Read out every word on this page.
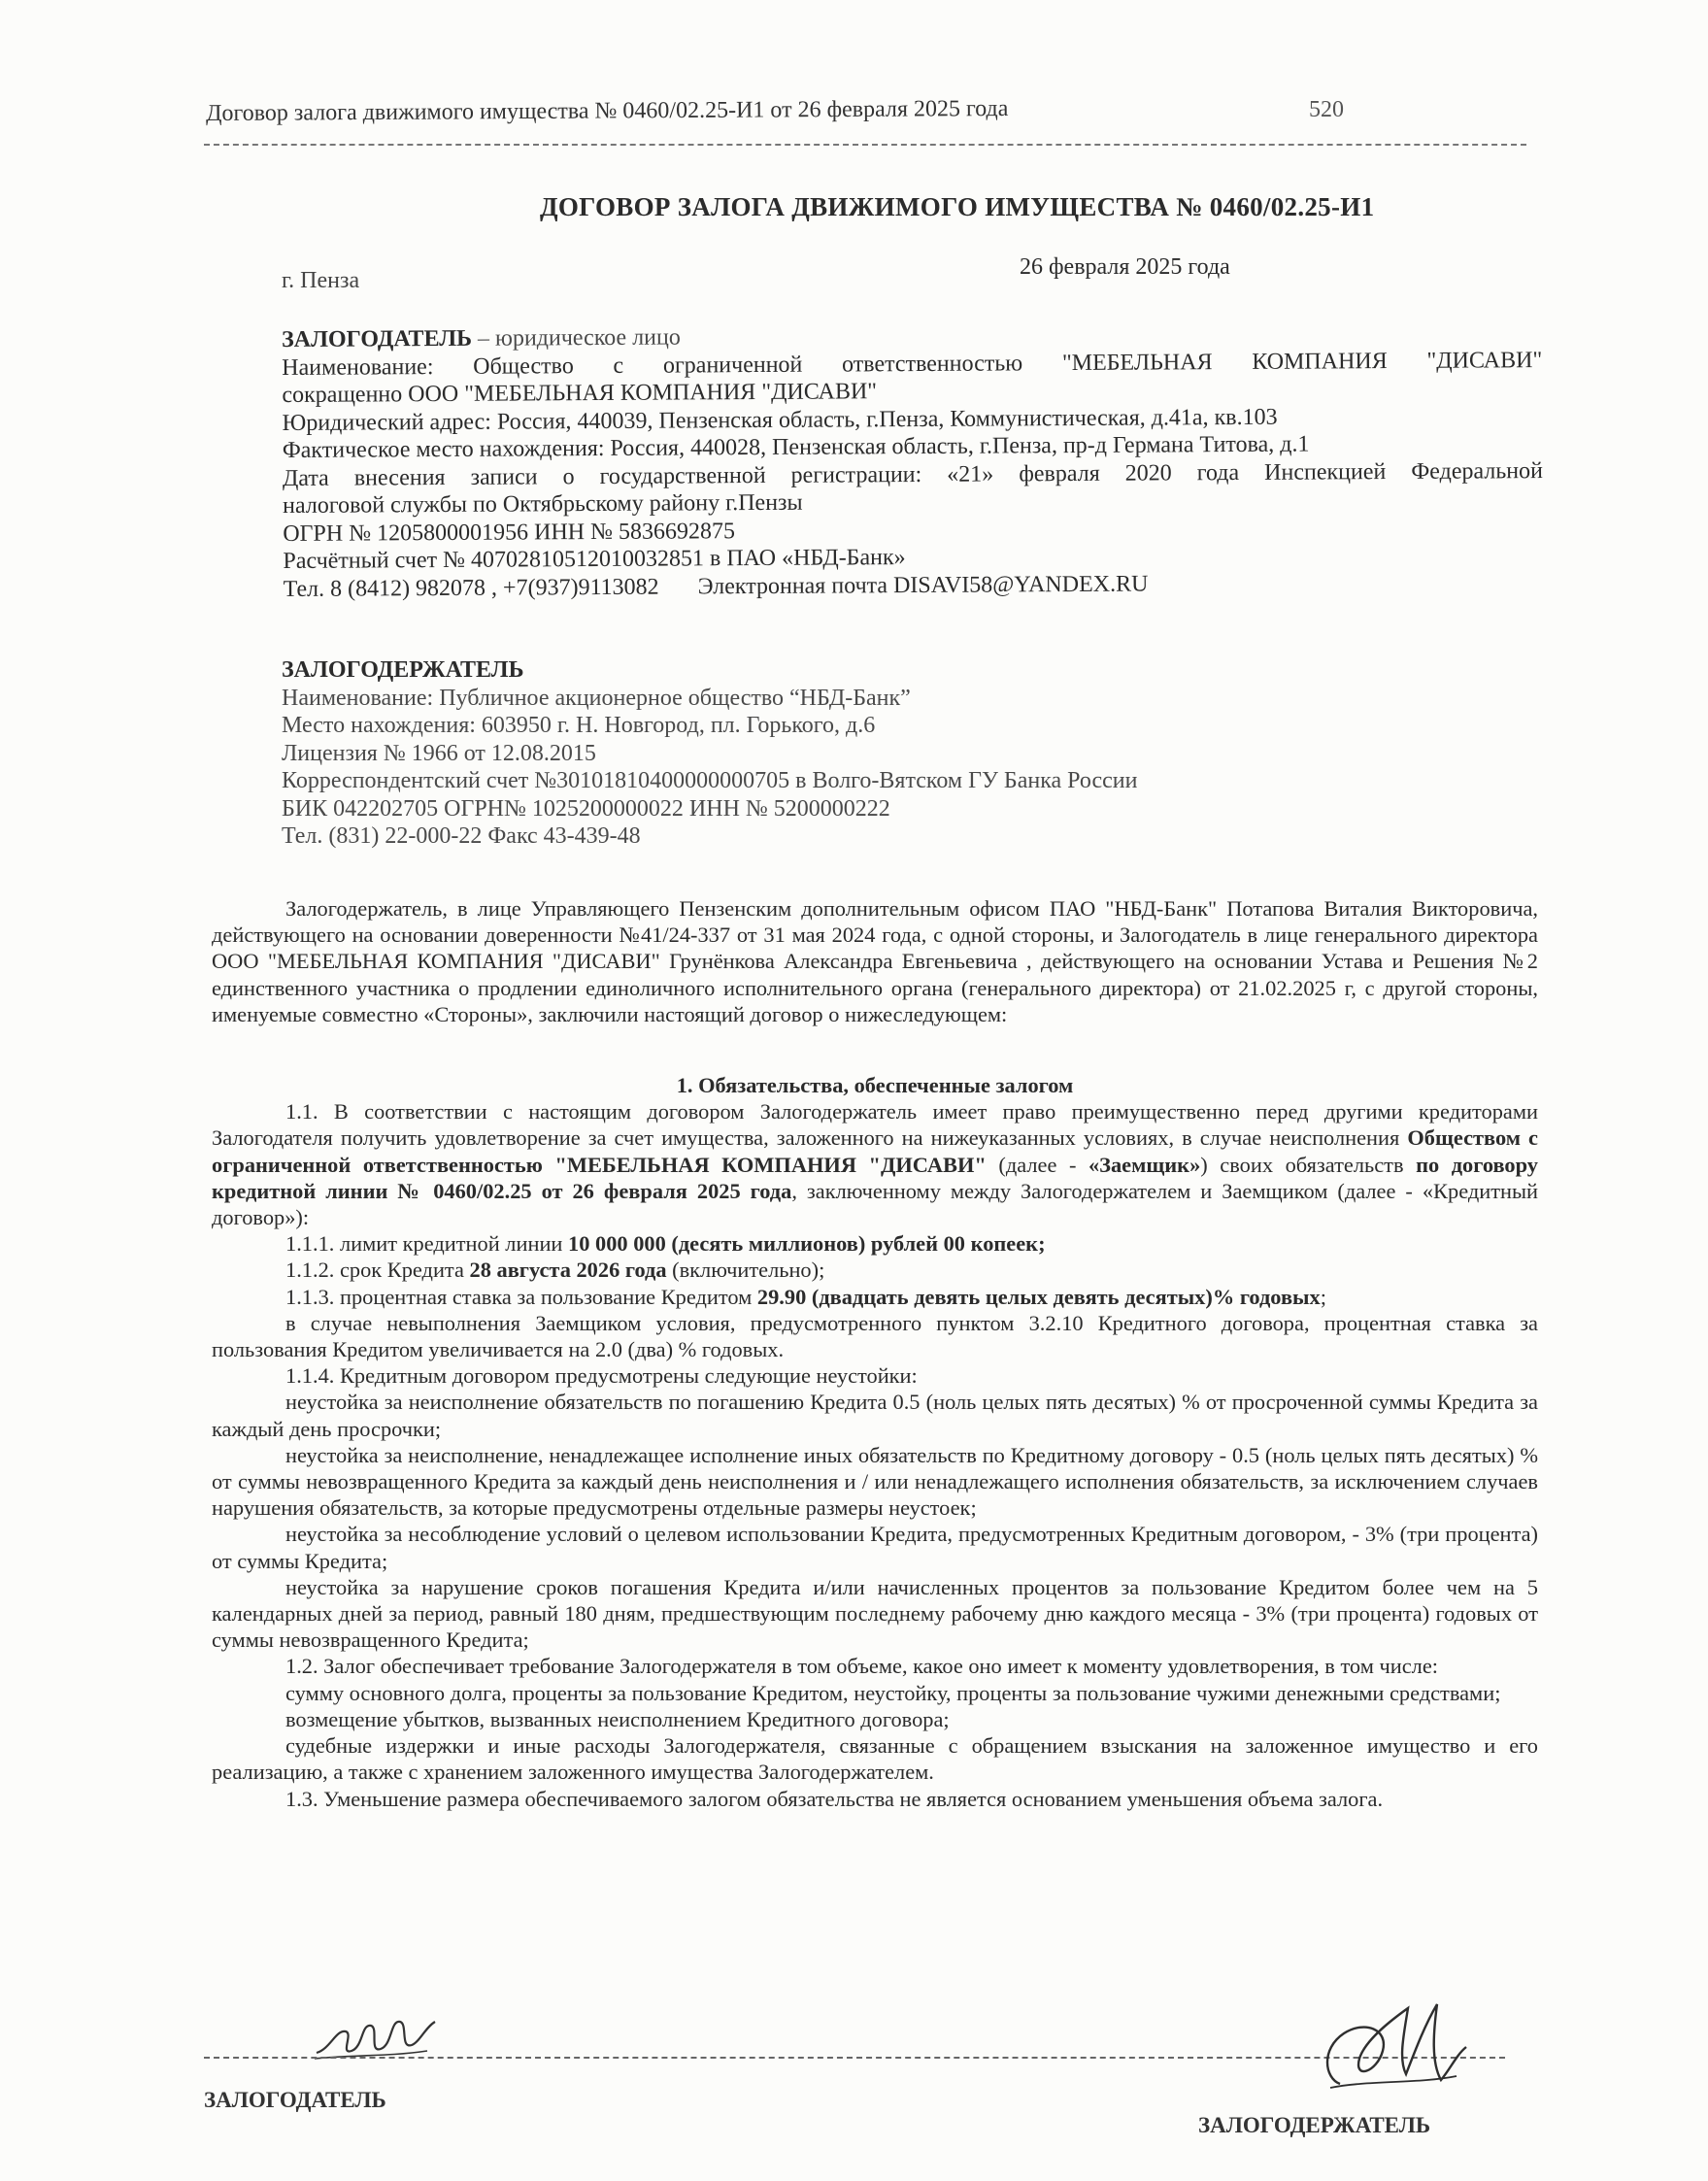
Договор залога движимого имущества № 0460/02.25-И1 от 26 февраля 2025 года	520
ДОГОВОР ЗАЛОГА ДВИЖИМОГО ИМУЩЕСТВА № 0460/02.25-И1
г. Пенза
26 февраля 2025 года
ЗАЛОГОДАТЕЛЬ – юридическое лицо
Наименование: Общество с ограниченной ответственностью "МЕБЕЛЬНАЯ КОМПАНИЯ "ДИСАВИ"
сокращенно ООО "МЕБЕЛЬНАЯ КОМПАНИЯ "ДИСАВИ"
Юридический адрес: Россия, 440039, Пензенская область, г.Пенза, Коммунистическая, д.41а, кв.103
Фактическое место нахождения: Россия, 440028, Пензенская область, г.Пенза, пр-д Германа Титова, д.1
Дата внесения записи о государственной регистрации: «21» февраля 2020 года Инспекцией Федеральной
налоговой службы по Октябрьскому району г.Пензы
ОГРН № 1205800001956 ИНН № 5836692875
Расчётный счет № 40702810512010032851 в ПАО «НБД-Банк»
Тел. 8 (8412) 982078 , +7(937)9113082 Электронная почта DISAVI58@YANDEX.RU
ЗАЛОГОДЕРЖАТЕЛЬ
Наименование: Публичное акционерное общество “НБД-Банк”
Место нахождения: 603950 г. Н. Новгород, пл. Горького, д.6
Лицензия № 1966 от 12.08.2015
Корреспондентский счет №30101810400000000705 в Волго-Вятском ГУ Банка России
БИК 042202705 ОГРН№ 1025200000022 ИНН № 5200000222
Тел. (831) 22-000-22 Факс 43-439-48

Залогодержатель, в лице Управляющего Пензенским дополнительным офисом ПАО "НБД-Банк" Потапова Виталия Викторовича, действующего на основании доверенности №41/24-337 от 31 мая 2024 года, с одной стороны, и Залогодатель в лице генерального директора ООО "МЕБЕЛЬНАЯ КОМПАНИЯ "ДИСАВИ" Грунёнкова Александра Евгеньевича , действующего на основании Устава и Решения №2 единственного участника о продлении единоличного исполнительного органа (генерального директора) от 21.02.2025 г, с другой стороны, именуемые совместно «Стороны», заключили настоящий договор о нижеследующем:

1. Обязательства, обеспеченные залогом

1.1. В соответствии с настоящим договором Залогодержатель имеет право преимущественно перед другими кредиторами Залогодателя получить удовлетворение за счет имущества, заложенного на нижеуказанных условиях, в случае неисполнения Обществом с ограниченной ответственностью "МЕБЕЛЬНАЯ КОМПАНИЯ "ДИСАВИ" (далее - «Заемщик») своих обязательств по договору кредитной линии № 0460/02.25 от 26 февраля 2025 года, заключенному между Залогодержателем и Заемщиком (далее - «Кредитный договор»):

1.1.1. лимит кредитной линии 10 000 000 (десять миллионов) рублей 00 копеек;

1.1.2. срок Кредита 28 августа 2026 года (включительно);

1.1.3. процентная ставка за пользование Кредитом 29.90 (двадцать девять целых девять десятых)% годовых;

в случае невыполнения Заемщиком условия, предусмотренного пунктом 3.2.10 Кредитного договора, процентная ставка за пользования Кредитом увеличивается на 2.0 (два) % годовых.

1.1.4. Кредитным договором предусмотрены следующие неустойки:

неустойка за неисполнение обязательств по погашению Кредита 0.5 (ноль целых пять десятых) % от просроченной суммы Кредита за каждый день просрочки;

неустойка за неисполнение, ненадлежащее исполнение иных обязательств по Кредитному договору - 0.5 (ноль целых пять десятых) % от суммы невозвращенного Кредита за каждый день неисполнения и / или ненадлежащего исполнения обязательств, за исключением случаев нарушения обязательств, за которые предусмотрены отдельные размеры неустоек;

неустойка за несоблюдение условий о целевом использовании Кредита, предусмотренных Кредитным договором, - 3% (три процента) от суммы Кредита;

неустойка за нарушение сроков погашения Кредита и/или начисленных процентов за пользование Кредитом более чем на 5 календарных дней за период, равный 180 дням, предшествующим последнему рабочему дню каждого месяца - 3% (три процента) годовых от суммы невозвращенного Кредита;

1.2. Залог обеспечивает требование Залогодержателя в том объеме, какое оно имеет к моменту удовлетворения, в том числе:

сумму основного долга, проценты за пользование Кредитом, неустойку, проценты за пользование чужими денежными средствами;

возмещение убытков, вызванных неисполнением Кредитного договора;

судебные издержки и иные расходы Залогодержателя, связанные с обращением взыскания на заложенное имущество и его реализацию, а также с хранением заложенного имущества Залогодержателем.

1.3. Уменьшение размера обеспечиваемого залогом обязательства не является основанием уменьшения объема залога.

ЗАЛОГОДАТЕЛЬ
ЗАЛОГОДЕРЖАТЕЛЬ
